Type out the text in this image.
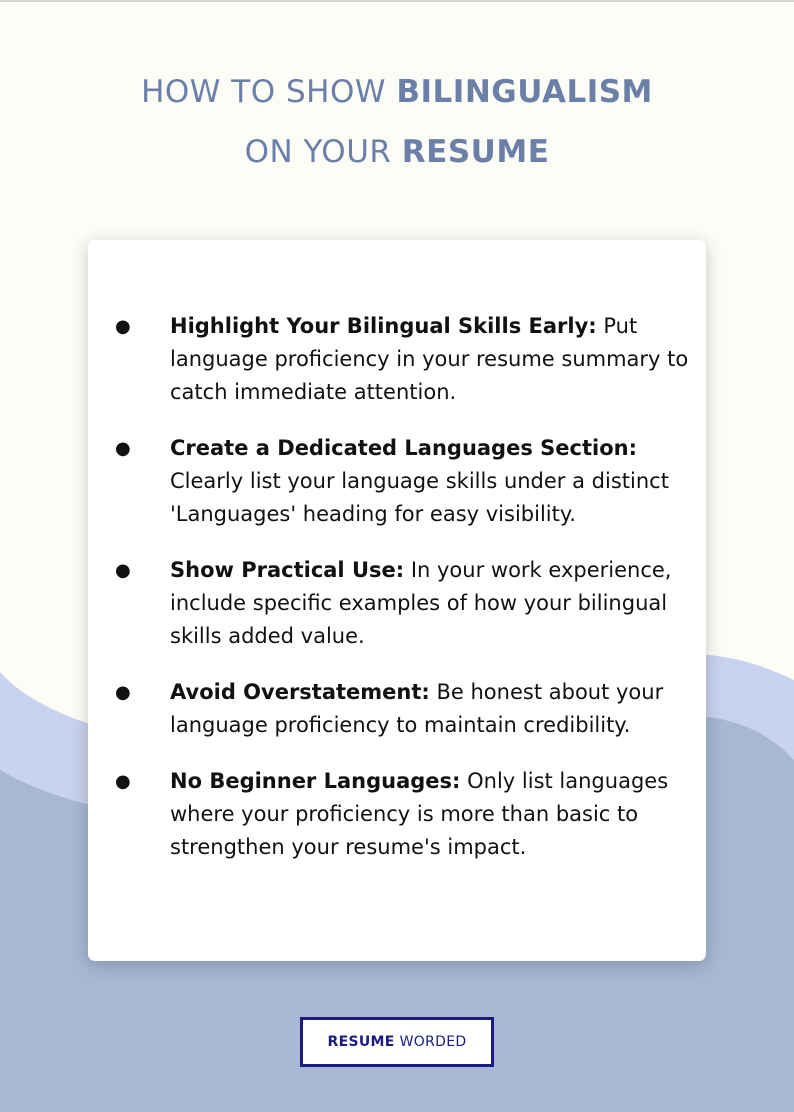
HOW TO SHOW BILINGUALISM
ON YOUR RESUME
● Highlight Your Bilingual Skills Early: Put language proficiency in your resume summary to catch immediate attention.
● Create a Dedicated Languages Section: Clearly list your language skills under a distinct 'Languages' heading for easy visibility.
● Show Practical Use: In your work experience, include specific examples of how your bilingual skills added value.
● Avoid Overstatement: Be honest about your language proficiency to maintain credibility.
● No Beginner Languages: Only list languages where your proficiency is more than basic to strengthen your resume's impact.
RESUME WORDED
